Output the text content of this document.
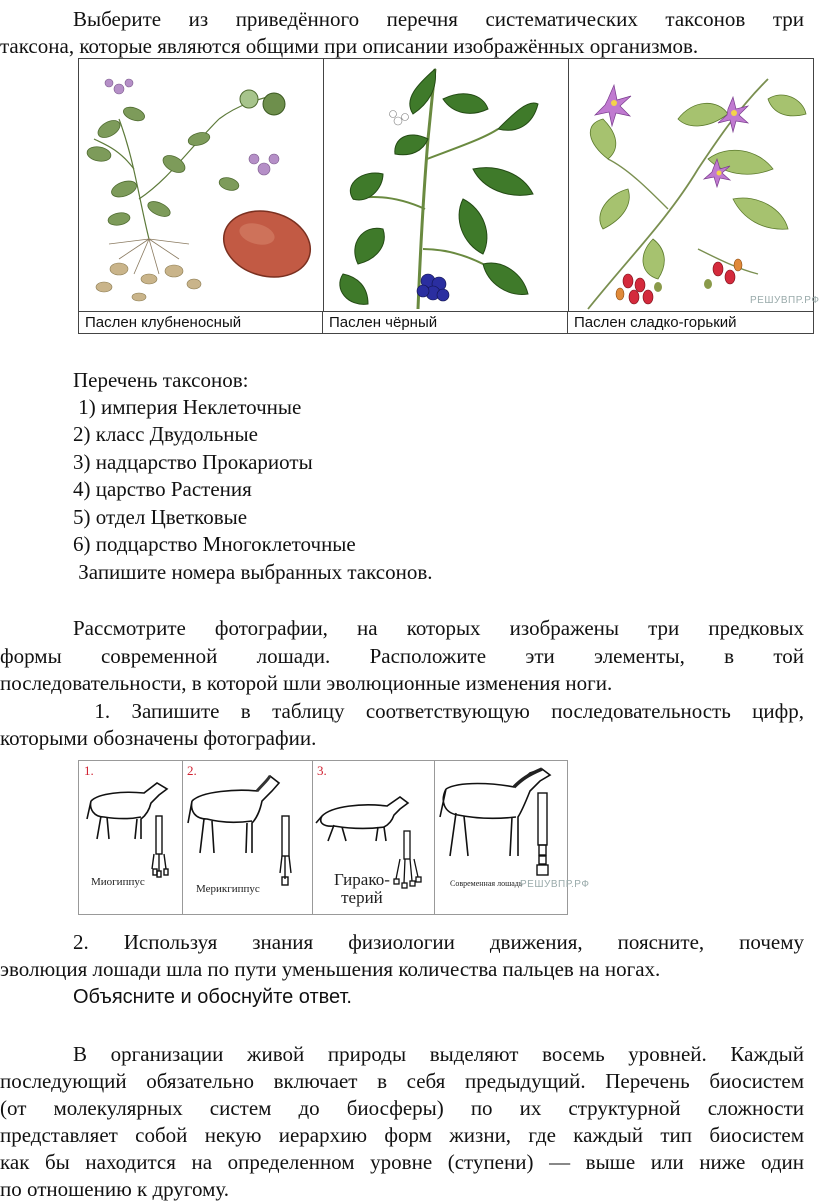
Выберите из приведённого перечня систематических таксонов три
таксона, которые являются общими при описании изображённых организмов.
РЕШУВПР.РФ
Паслен клубненосный	Паслен чёрный	Паслен сладко-горький
Перечень таксонов:
1) империя Неклеточные
2) класс Двудольные
3) надцарство Прокариоты
4) царство Растения
5) отдел Цветковые
6) подцарство Многоклеточные
Запишите номера выбранных таксонов.
Рассмотрите фотографии, на которых изображены три предковых
формы современной лошади. Расположите эти элементы, в той
последовательности, в которой шли эволюционные изменения ноги.
1. Запишите в таблицу соответствующую последовательность цифр,
которыми обозначены фотографии.
1.
Миогиппус
2.
Мерикгиппус
3.
Гирако-
терий
Современная лошадь
РЕШУВПР.РФ
2. Используя знания физиологии движения, поясните, почему
эволюция лошади шла по пути уменьшения количества пальцев на ногах.
Объясните и обоснуйте ответ.
В организации живой природы выделяют восемь уровней. Каждый
последующий обязательно включает в себя предыдущий. Перечень биосистем
(от молекулярных систем до биосферы) по их структурной сложности
представляет собой некую иерархию форм жизни, где каждый тип биосистем
как бы находится на определенном уровне (ступени) — выше или ниже один
по отношению к другому.
